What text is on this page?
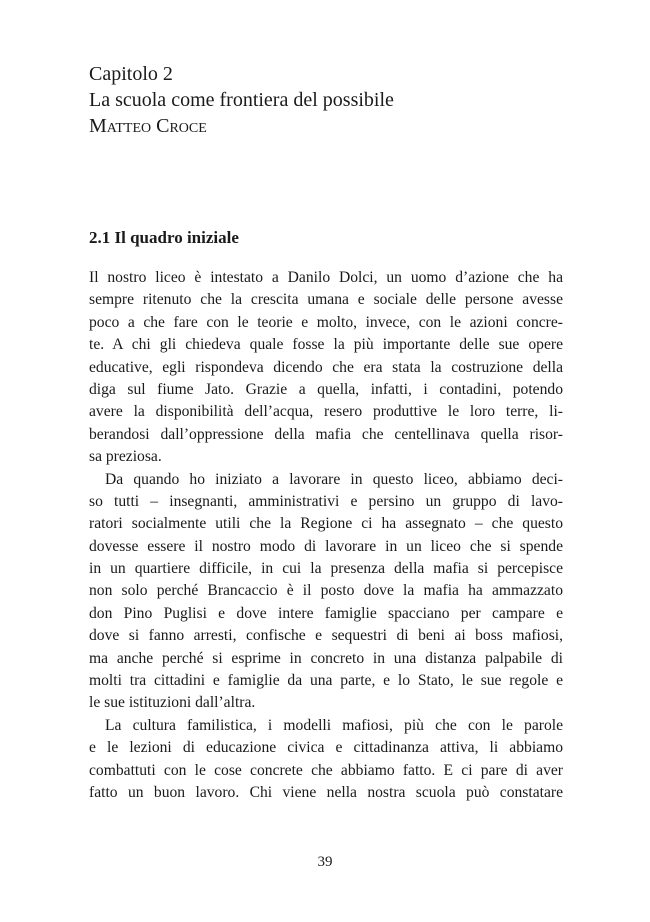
Capitolo 2

La scuola come frontiera del possibile

Matteo Croce

2.1 Il quadro iniziale
Il nostro liceo è intestato a Danilo Dolci, un uomo d’azione che ha
sempre ritenuto che la crescita umana e sociale delle persone avesse
poco a che fare con le teorie e molto, invece, con le azioni concre-
te. A chi gli chiedeva quale fosse la più importante delle sue opere
educative, egli rispondeva dicendo che era stata la costruzione della
diga sul fiume Jato. Grazie a quella, infatti, i contadini, potendo
avere la disponibilità dell’acqua, resero produttive le loro terre, li-
berandosi dall’oppressione della mafia che centellinava quella risor-
sa preziosa.
Da quando ho iniziato a lavorare in questo liceo, abbiamo deci-
so tutti – insegnanti, amministrativi e persino un gruppo di lavo-
ratori socialmente utili che la Regione ci ha assegnato – che questo
dovesse essere il nostro modo di lavorare in un liceo che si spende
in un quartiere difficile, in cui la presenza della mafia si percepisce
non solo perché Brancaccio è il posto dove la mafia ha ammazzato
don Pino Puglisi e dove intere famiglie spacciano per campare e
dove si fanno arresti, confische e sequestri di beni ai boss mafiosi,
ma anche perché si esprime in concreto in una distanza palpabile di
molti tra cittadini e famiglie da una parte, e lo Stato, le sue regole e
le sue istituzioni dall’altra.
La cultura familistica, i modelli mafiosi, più che con le parole
e le lezioni di educazione civica e cittadinanza attiva, li abbiamo
combattuti con le cose concrete che abbiamo fatto. E ci pare di aver
fatto un buon lavoro. Chi viene nella nostra scuola può constatare
39
